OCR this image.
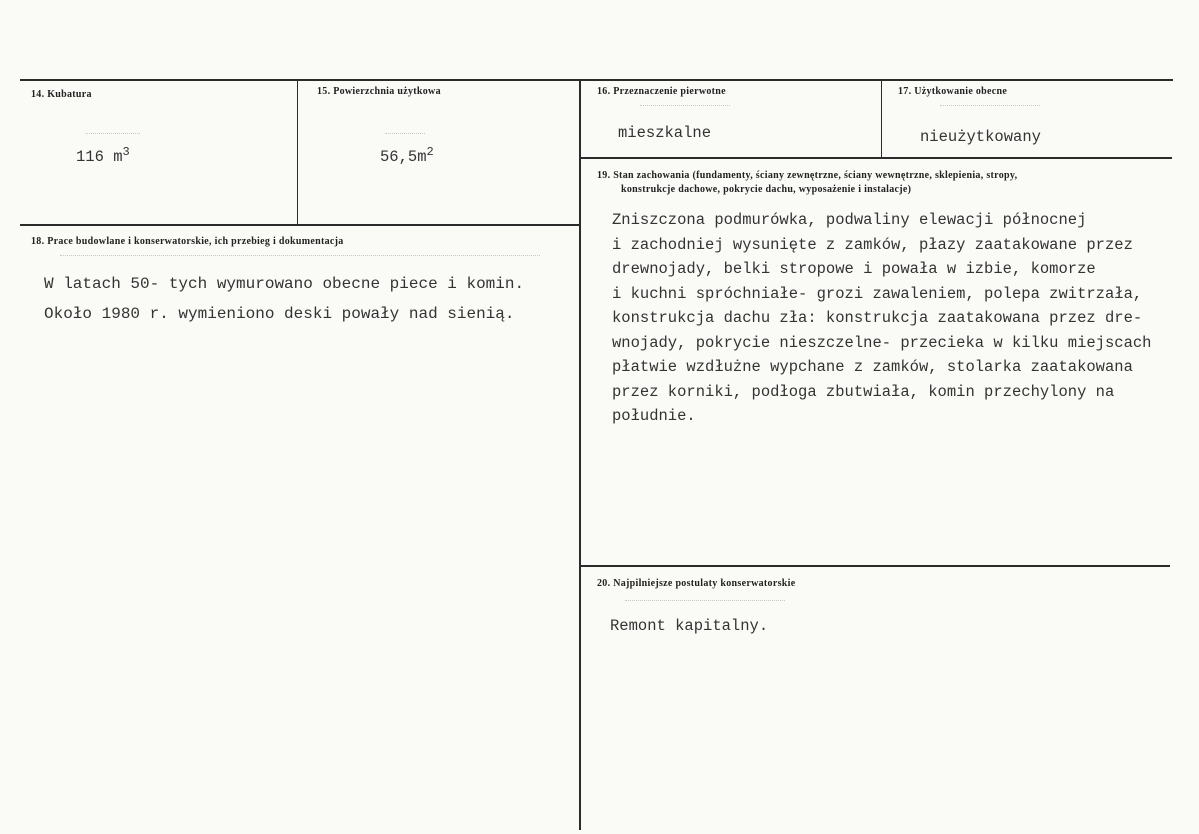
14. Kubatura
116 $m^3$
15. Powierzchnia użytkowa
$56,5m^2$
16. Przeznaczenie pierwotne
mieszkalne
17. Użytkowanie obecne
nieużytkowany
18. Prace budowlane i konserwatorskie, ich przebieg i dokumentacja
W latach 50- tych wymurowano obecne piece i komin.
Około 1980 r. wymieniono deski powały nad sienią.
19. Stan zachowania (fundamenty, ściany zewnętrzne, ściany wewnętrzne, sklepienia, stropy,
konstrukcje dachowe, pokrycie dachu, wyposażenie i instalacje)
Zniszczona podmurówka, podwaliny elewacji północnej
i zachodniej wysunięte z zamków, płazy zaatakowane przez
drewnojady, belki stropowe i powała w izbie, komorze
i kuchni spróchniałe- grozi zawaleniem, polepa zwitrzała,
konstrukcja dachu zła: konstrukcja zaatakowana przez dre-
wnojady, pokrycie nieszczelne- przecieka w kilku miejscach
płatwie wzdłużne wypchane z zamków, stolarka zaatakowana
przez korniki, podłoga zbutwiała, komin przechylony na
południe.
20. Najpilniejsze postulaty konserwatorskie
Remont kapitalny.
